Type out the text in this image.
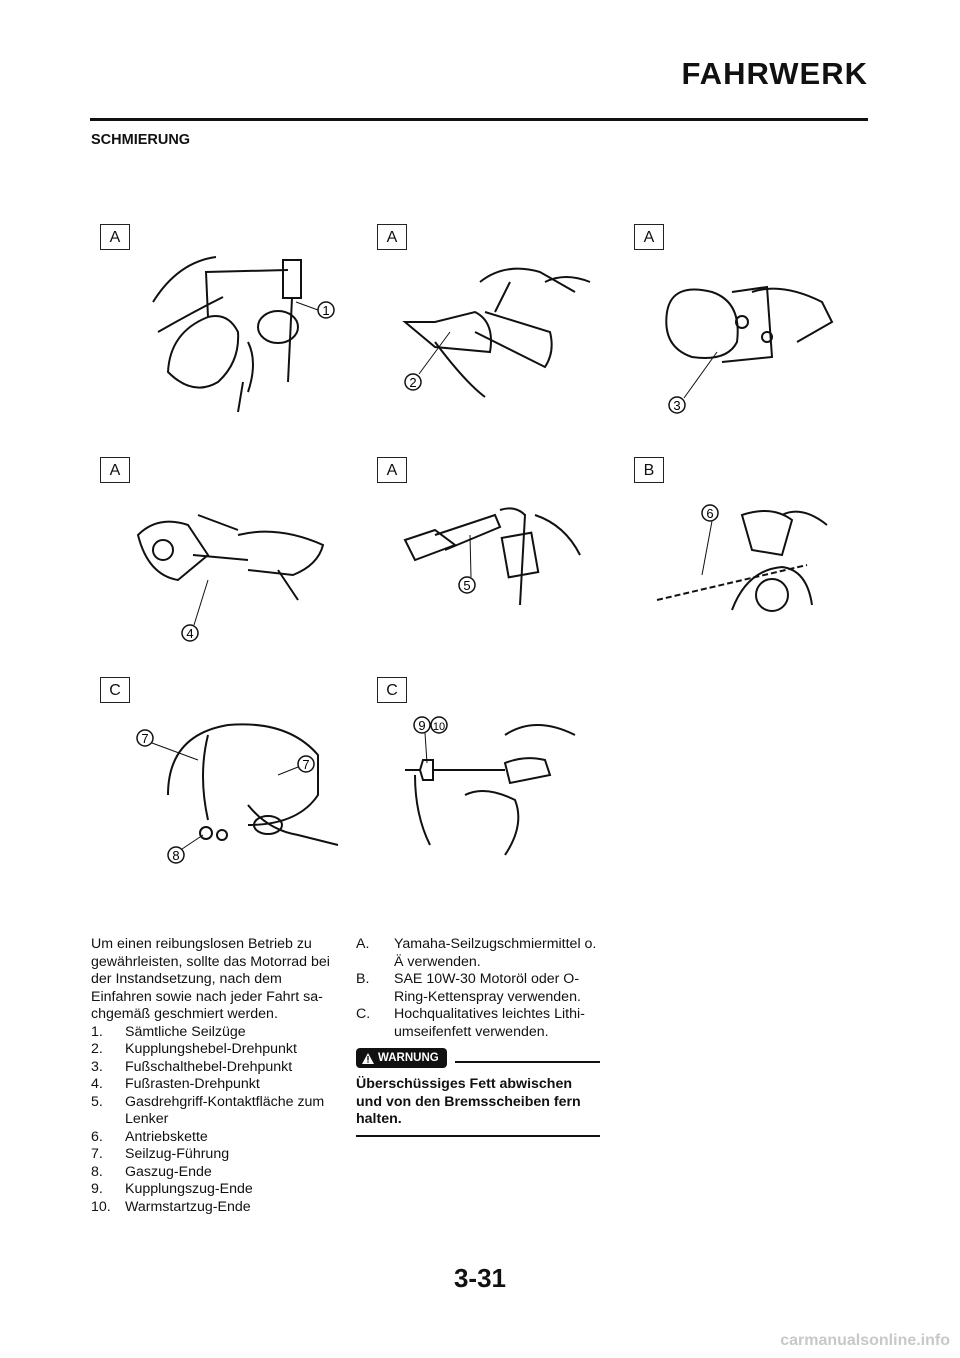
FAHRWERK
SCHMIERUNG
A
1
A
2
A
3
A
4
A
5
B
6
C
7
7
8
C
9 10

Um einen reibungslosen Betrieb zu gewährleisten, sollte das Motorrad bei der Instandsetzung, nach dem Einfahren sowie nach jeder Fahrt sa-chgemäß geschmiert werden.

1.	Sämtliche Seilzüge
2.	Kupplungshebel-Drehpunkt
3.	Fußschalthebel-Drehpunkt
4.	Fußrasten-Drehpunkt
5.	Gasdrehgriff-Kontaktfläche zum Lenker
6.	Antriebskette
7.	Seilzug-Führung
8.	Gaszug-Ende
9.	Kupplungszug-Ende
10.	Warmstartzug-Ende
A.	Yamaha-Seilzugschmiermittel o. Ä verwenden.
B.	SAE 10W-30 Motoröl oder O-Ring-Kettenspray verwenden.
C.	Hochqualitatives leichtes Lithi-umseifenfett verwenden.
WARNUNG
Überschüssiges Fett abwischen und von den Bremsscheiben fern halten.
3-31
carmanualsonline.info
